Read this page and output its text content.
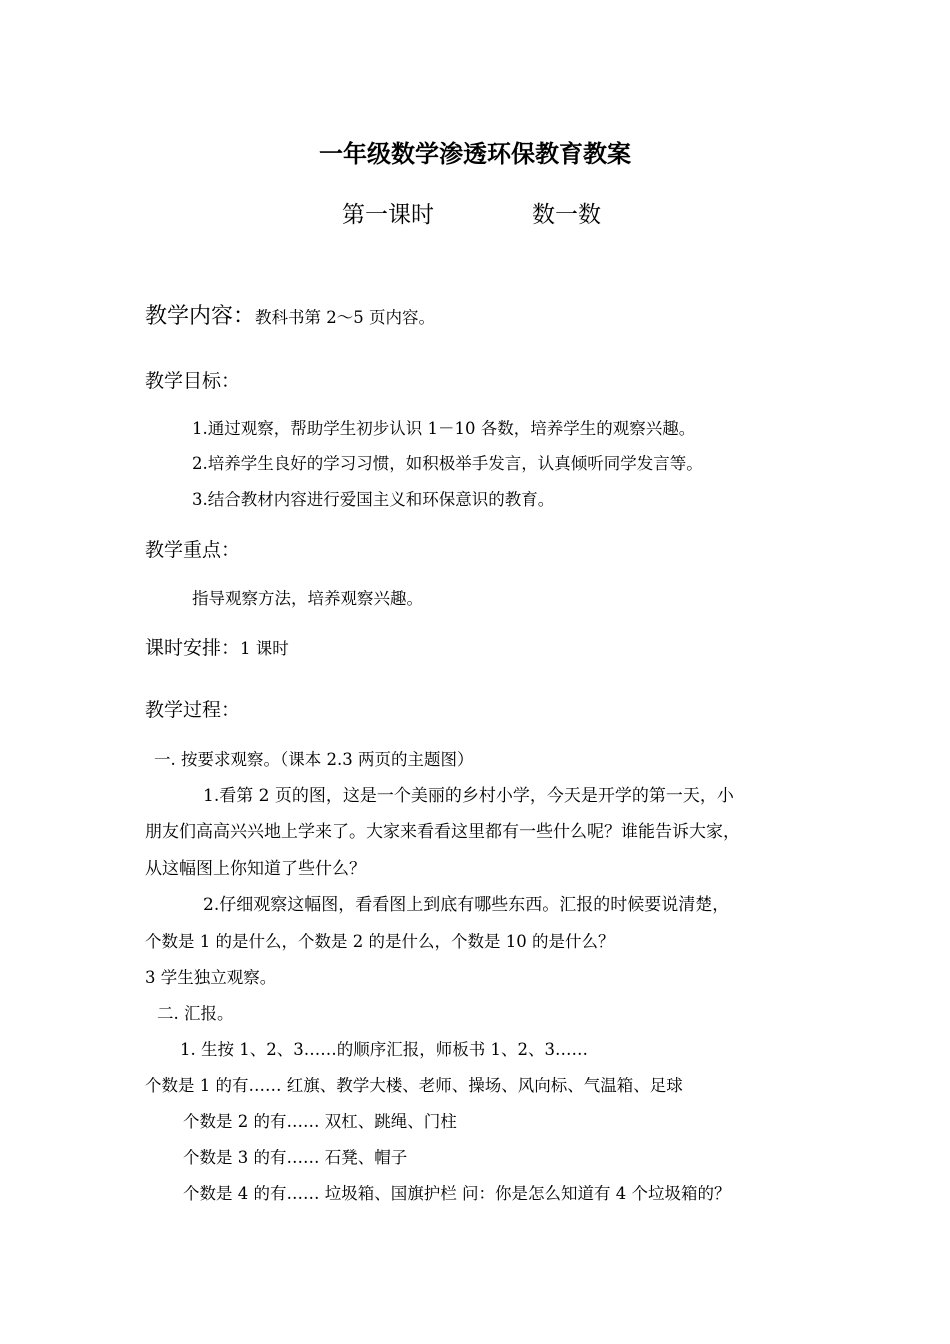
一年级数学渗透环保教育教案
第一课时	数一数
教学内容：教科书第 2～5 页内容。
教学目标：
1.通过观察，帮助学生初步认识 1－10 各数，培养学生的观察兴趣。
2.培养学生良好的学习习惯，如积极举手发言，认真倾听同学发言等。
3.结合教材内容进行爱国主义和环保意识的教育。
教学重点：
指导观察方法，培养观察兴趣。
课时安排：1 课时
教学过程：
一. 按要求观察。（课本 2.3 两页的主题图）
1.看第 2 页的图，这是一个美丽的乡村小学，今天是开学的第一天，小
朋友们高高兴兴地上学来了。大家来看看这里都有一些什么呢？谁能告诉大家，
从这幅图上你知道了些什么？
2.仔细观察这幅图，看看图上到底有哪些东西。汇报的时候要说清楚，
个数是 1 的是什么，个数是 2 的是什么，个数是 10 的是什么？
3 学生独立观察。
二. 汇报。
1. 生按 1、2、3……的顺序汇报，师板书 1、2、3……
个数是 1 的有…… 红旗、教学大楼、老师、操场、风向标、气温箱、足球
个数是 2 的有…… 双杠、跳绳、门柱
个数是 3 的有…… 石凳、帽子
个数是 4 的有…… 垃圾箱、国旗护栏 问：你是怎么知道有 4 个垃圾箱的？
